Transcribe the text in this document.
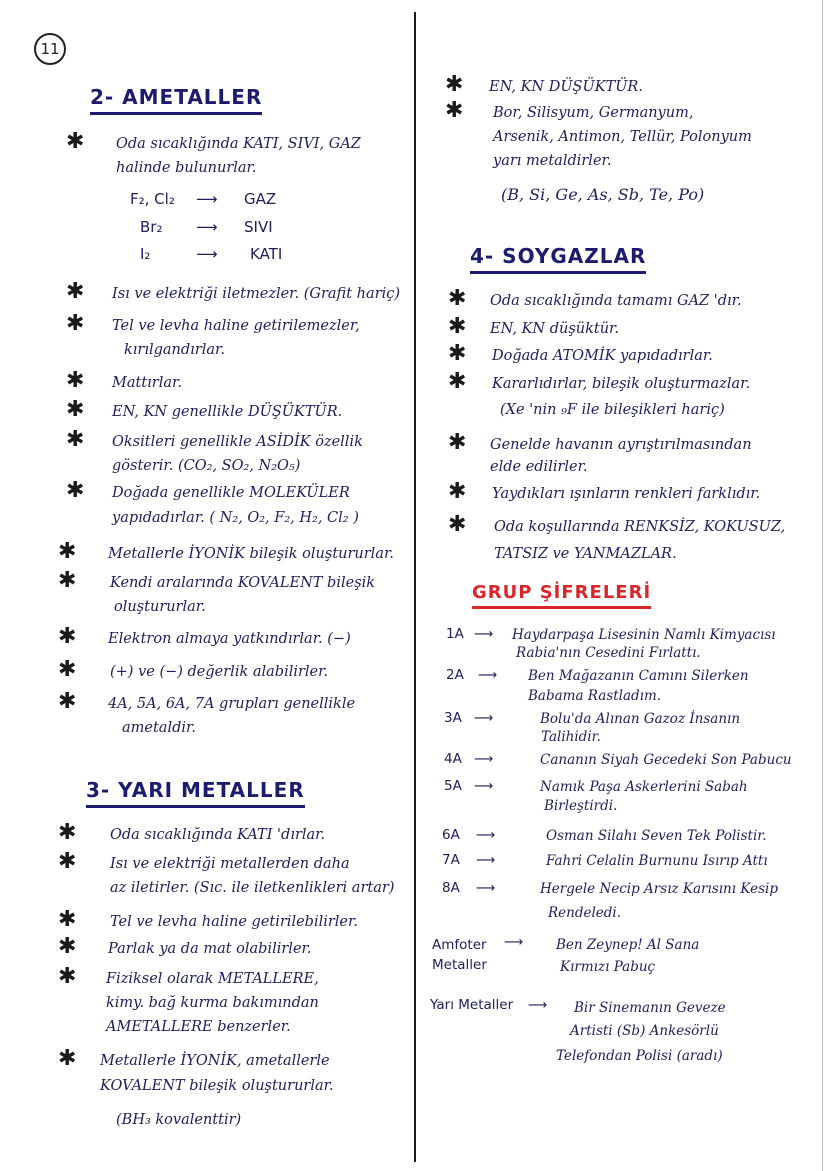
11
2- AMETALLER
✱ Oda sıcaklığında KATI, SIVI, GAZ
halinde bulunurlar.
F₂, Cl₂ ⟶ GAZ
Br₂ ⟶ SIVI
I₂	⟶ KATI
✱ Isı ve elektriği iletmezler. (Grafit hariç)
✱ Tel ve levha haline getirilemezler,
kırılgandırlar.
✱ Mattırlar.
✱ EN, KN genellikle DÜŞÜKTÜR.
✱ Oksitleri genellikle ASİDİK özellik
gösterir. (CO₂, SO₂, N₂O₅)
✱ Doğada genellikle MOLEKÜLER
yapıdadırlar. ( N₂, O₂, F₂, H₂, Cl₂ )
✱ Metallerle İYONİK bileşik oluştururlar.
✱ Kendi aralarında KOVALENT bileşik
oluştururlar.
✱ Elektron almaya yatkındırlar. (−)
✱ (+) ve (−) değerlik alabilirler.
✱ 4A, 5A, 6A, 7A grupları genellikle
ametaldir.
3- YARI METALLER
✱ Oda sıcaklığında KATI 'dırlar.
✱ Isı ve elektriği metallerden daha
az iletirler. (Sıc. ile iletkenlikleri artar)
✱ Tel ve levha haline getirilebilirler.
✱ Parlak ya da mat olabilirler.
✱ Fiziksel olarak METALLERE,
kimy. bağ kurma bakımından
AMETALLERE benzerler.
✱ Metallerle İYONİK, ametallerle
KOVALENT bileşik oluştururlar.
(BH₃ kovalenttir)
✱ EN, KN DÜŞÜKTÜR.
✱ Bor, Silisyum, Germanyum,
Arsenik, Antimon, Tellür, Polonyum
yarı metaldirler.
(B, Si, Ge, As, Sb, Te, Po)
4- SOYGAZLAR
✱ Oda sıcaklığında tamamı GAZ 'dır.
✱ EN, KN düşüktür.
✱ Doğada ATOMİK yapıdadırlar.
✱ Kararlıdırlar, bileşik oluşturmazlar.
(Xe 'nin ₉F ile bileşikleri hariç)
✱ Genelde havanın ayrıştırılmasından
elde edilirler.
✱ Yaydıkları ışınların renkleri farklıdır.
✱ Oda koşullarında RENKSİZ, KOKUSUZ,
TATSIZ ve YANMAZLAR.
GRUP ŞİFRELERİ
1A ⟶ Haydarpaşa Lisesinin Namlı Kimyacısı
Rabia'nın Cesedini Fırlattı.
2A ⟶ Ben Mağazanın Camını Silerken
Babama Rastladım.
3A ⟶	Bolu'da Alınan Gazoz İnsanın
Talihidir.
4A ⟶	Cananın Siyah Gecedeki Son Pabucu
5A ⟶	Namık Paşa Askerlerini Sabah
Birleştirdi.
6A ⟶	Osman Silahı Seven Tek Polistir.
7A ⟶	Fahri Celalin Burnunu Isırıp Attı
8A ⟶	Hergele Necip Arsız Karısını Kesip
Rendeledi.
Amfoter
Metaller
⟶ Ben Zeynep! Al Sana
Kırmızı Pabuç
Yarı Metaller ⟶ Bir Sinemanın Geveze
Artisti (Sb) Ankesörlü
Telefondan Polisi (aradı)
